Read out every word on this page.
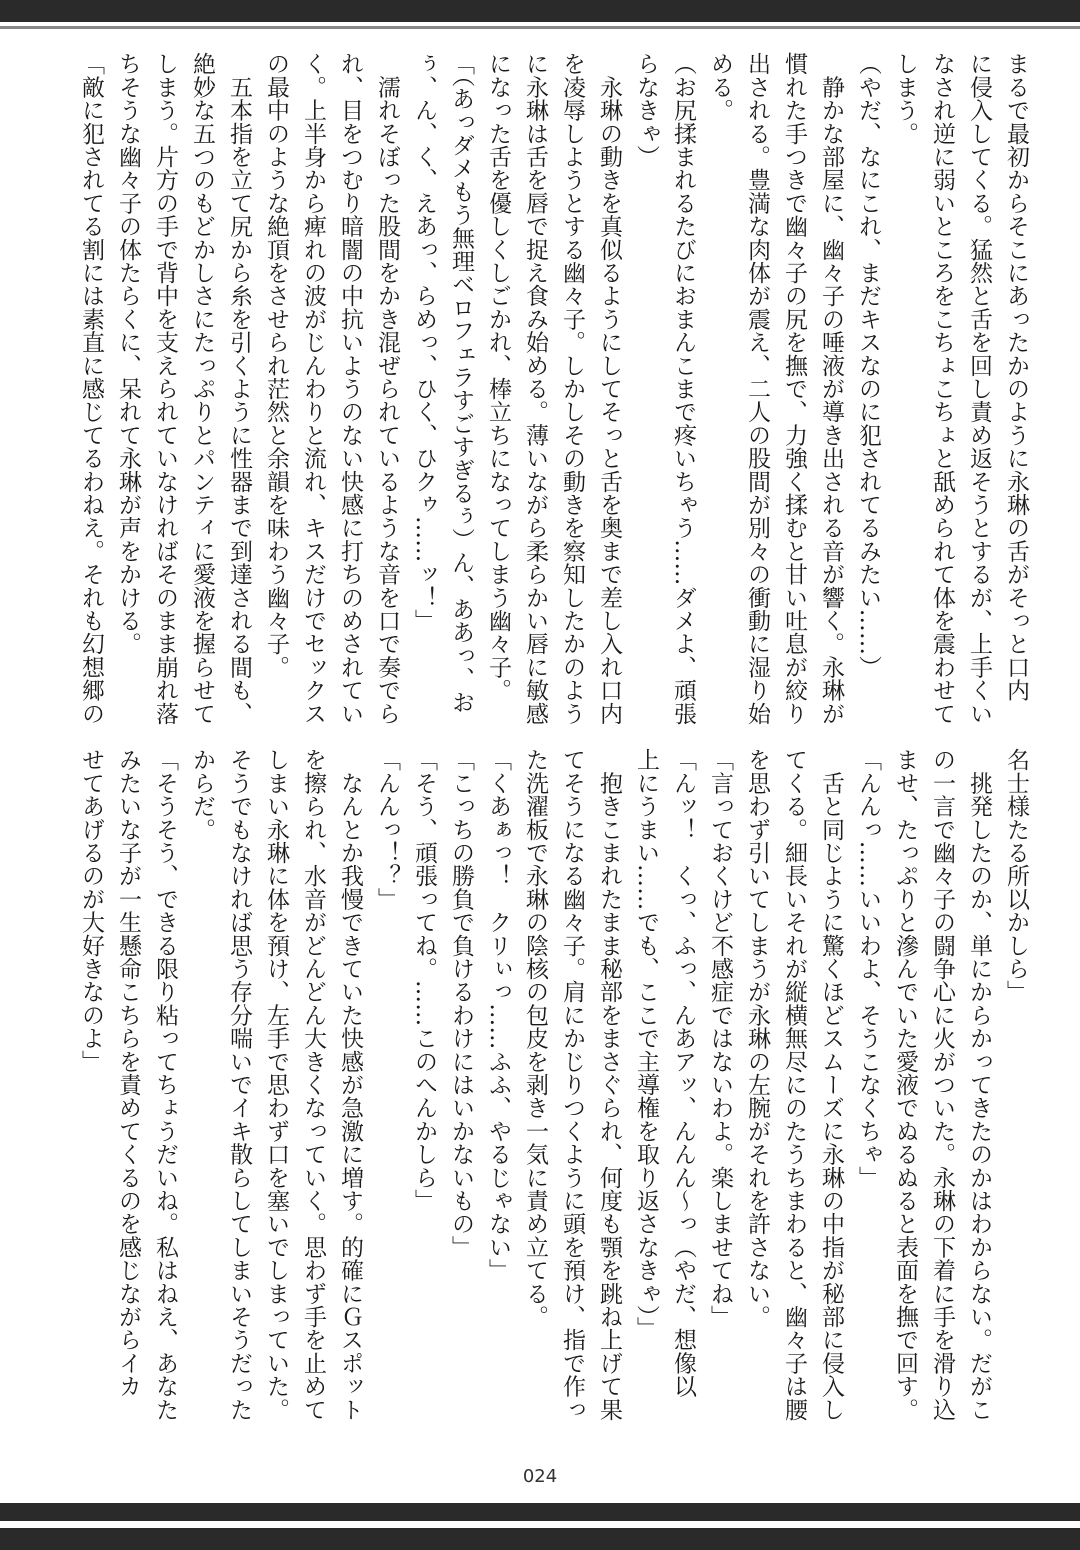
まるで最初からそこにあったかのように永琳の舌がそっと口内
に侵入してくる。猛然と舌を回し責め返そうとするが、上手くい
なされ逆に弱いところをこちょこちょと舐められて体を震わせて
しまう。
（やだ、なにこれ、まだキスなのに犯されてるみたい……）
　静かな部屋に、幽々子の唾液が導き出される音が響く。永琳が
慣れた手つきで幽々子の尻を撫で、力強く揉むと甘い吐息が絞り
出される。豊満な肉体が震え、二人の股間が別々の衝動に湿り始
める。
（お尻揉まれるたびにおまんこまで疼いちゃう……ダメよ、頑張
らなきゃ）
　永琳の動きを真似るようにしてそっと舌を奥まで差し入れ口内
を凌辱しようとする幽々子。しかしその動きを察知したかのよう
に永琳は舌を唇で捉え食み始める。薄いながら柔らかい唇に敏感
になった舌を優しくしごかれ、棒立ちになってしまう幽々子。
「（あっダメもう無理ベロフェラすごすぎるぅ）ん、ああっ、お
ぅ、ん、く、えあっ、らめっ、ひく、ひクゥ……ッ！」
　濡れそぼった股間をかき混ぜられているような音を口で奏でら
れ、目をつむり暗闇の中抗いようのない快感に打ちのめされてい
く。上半身から痺れの波がじんわりと流れ、キスだけでセックス
の最中のような絶頂をさせられ茫然と余韻を味わう幽々子。
　五本指を立て尻から糸を引くように性器まで到達される間も、
絶妙な五つのもどかしさにたっぷりとパンティに愛液を握らせて
しまう。片方の手で背中を支えられていなければそのまま崩れ落
ちそうな幽々子の体たらくに、呆れて永琳が声をかける。
「敵に犯されてる割には素直に感じてるわねえ。それも幻想郷の
名士様たる所以かしら」
　挑発したのか、単にからかってきたのかはわからない。だがこ
の一言で幽々子の闘争心に火がついた。永琳の下着に手を滑り込
ませ、たっぷりと滲んでいた愛液でぬるぬると表面を撫で回す。
「んんっ……いいわよ、そうこなくちゃ」
　舌と同じように驚くほどスムーズに永琳の中指が秘部に侵入し
てくる。細長いそれが縦横無尽にのたうちまわると、幽々子は腰
を思わず引いてしまうが永琳の左腕がそれを許さない。
「言っておくけど不感症ではないわよ。楽しませてね」
「んッ！　くっ、ふっ、んあアッ、んんん〜っ（やだ、想像以
上にうまい……でも、ここで主導権を取り返さなきゃ）」
　抱きこまれたまま秘部をまさぐられ、何度も顎を跳ね上げて果
てそうになる幽々子。肩にかじりつくように頭を預け、指で作っ
た洗濯板で永琳の陰核の包皮を剥き一気に責め立てる。
「くあぁっ！　クリぃっ……ふふ、やるじゃない」
「こっちの勝負で負けるわけにはいかないもの」
「そう、頑張ってね。……このへんかしら」
「んんっ！？」
　なんとか我慢できていた快感が急激に増す。的確にＧスポット
を擦られ、水音がどんどん大きくなっていく。思わず手を止めて
しまい永琳に体を預け、左手で思わず口を塞いでしまっていた。
そうでもなければ思う存分喘いでイキ散らしてしまいそうだった
からだ。
「そうそう、できる限り粘ってちょうだいね。私はねえ、あなた
みたいな子が一生懸命こちらを責めてくるのを感じながらイカ
せてあげるのが大好きなのよ」
024
